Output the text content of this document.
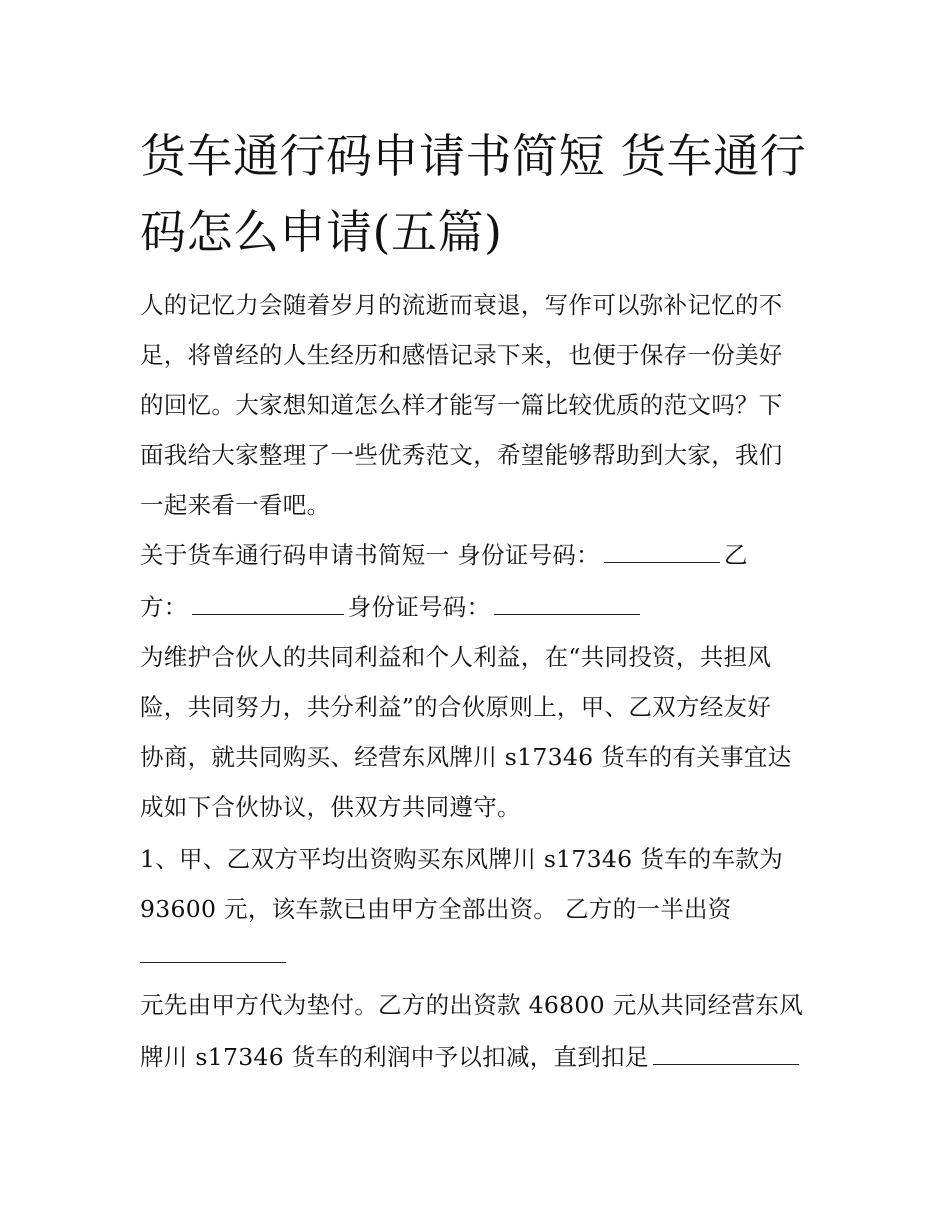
货车通行码申请书简短 货车通行码怎么申请(五篇)

人的记忆力会随着岁月的流逝而衰退，写作可以弥补记忆的不

足，将曾经的人生经历和感悟记录下来，也便于保存一份美好

的回忆。大家想知道怎么样才能写一篇比较优质的范文吗？下

面我给大家整理了一些优秀范文，希望能够帮助到大家，我们

一起来看一看吧。

关于货车通行码申请书简短一 身份证号码：	乙

方：	身份证号码：

为维护合伙人的共同利益和个人利益，在“共同投资，共担风

险，共同努力，共分利益”的合伙原则上，甲、乙双方经友好

协商，就共同购买、经营东风牌川 s17346 货车的有关事宜达

成如下合伙协议，供双方共同遵守。

1、甲、乙双方平均出资购买东风牌川 s17346 货车的车款为

93600 元，该车款已由甲方全部出资。 乙方的一半出资

元先由甲方代为垫付。乙方的出资款 46800 元从共同经营东风

牌川 s17346 货车的利润中予以扣减，直到扣足
